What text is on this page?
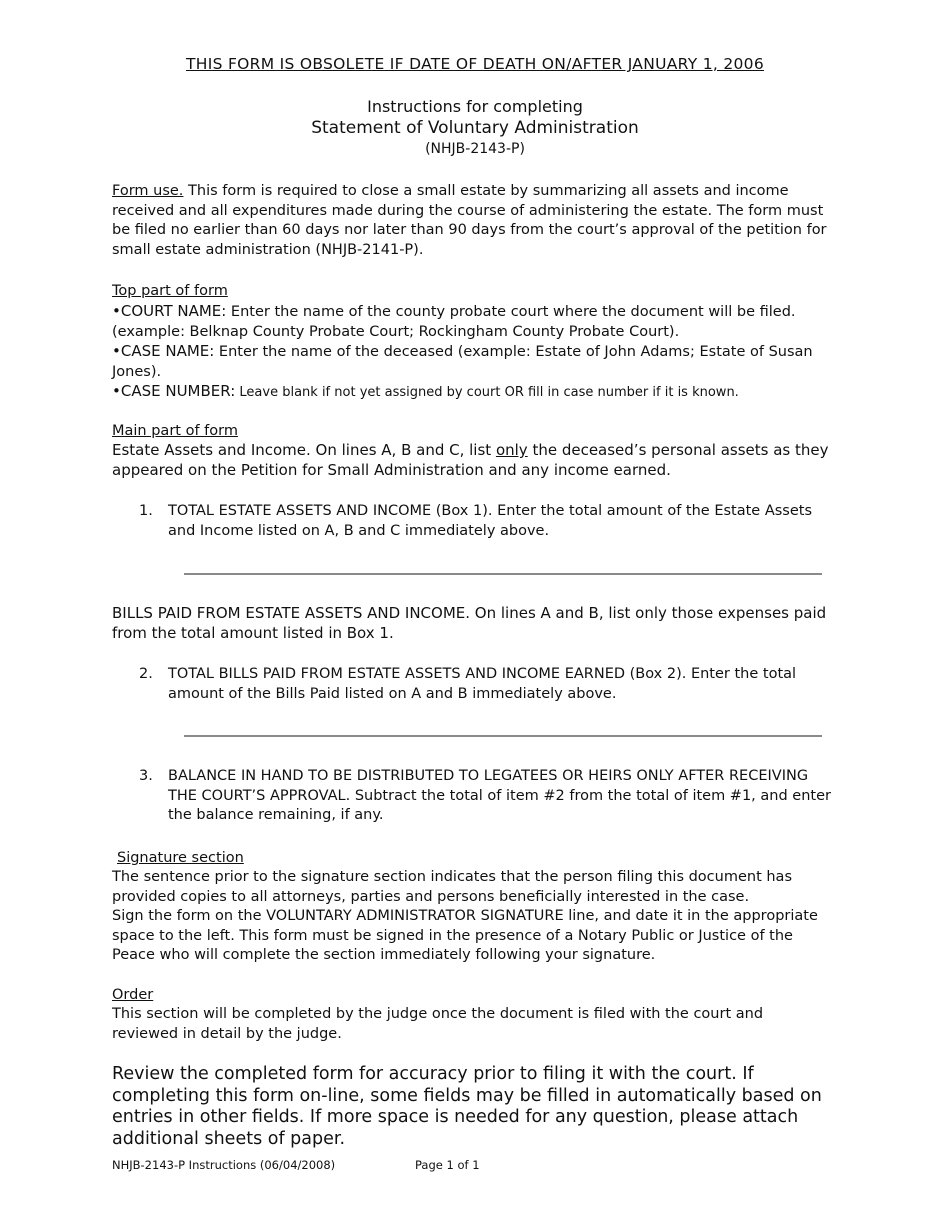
THIS FORM IS OBSOLETE IF DATE OF DEATH ON/AFTER JANUARY 1, 2006
Instructions for completing
Statement of Voluntary Administration
(NHJB-2143-P)
Form use. This form is required to close a small estate by summarizing all assets and income received and all expenditures made during the course of administering the estate. The form must be filed no earlier than 60 days nor later than 90 days from the court’s approval of the petition for small estate administration (NHJB-2141-P).
Top part of form
•COURT NAME: Enter the name of the county probate court where the document will be filed. (example: Belknap County Probate Court; Rockingham County Probate Court).
•CASE NAME: Enter the name of the deceased (example: Estate of John Adams; Estate of Susan Jones).
•CASE NUMBER: Leave blank if not yet assigned by court OR fill in case number if it is known.
Main part of form
Estate Assets and Income. On lines A, B and C, list only the deceased’s personal assets as they appeared on the Petition for Small Administration and any income earned.
1. TOTAL ESTATE ASSETS AND INCOME (Box 1). Enter the total amount of the Estate Assets and Income listed on A, B and C immediately above.
BILLS PAID FROM ESTATE ASSETS AND INCOME. On lines A and B, list only those expenses paid from the total amount listed in Box 1.
2. TOTAL BILLS PAID FROM ESTATE ASSETS AND INCOME EARNED (Box 2). Enter the total amount of the Bills Paid listed on A and B immediately above.
3. BALANCE IN HAND TO BE DISTRIBUTED TO LEGATEES OR HEIRS ONLY AFTER RECEIVING THE COURT’S APPROVAL. Subtract the total of item #2 from the total of item #1, and enter the balance remaining, if any.
Signature section
The sentence prior to the signature section indicates that the person filing this document has provided copies to all attorneys, parties and persons beneficially interested in the case.
Sign the form on the VOLUNTARY ADMINISTRATOR SIGNATURE line, and date it in the appropriate space to the left. This form must be signed in the presence of a Notary Public or Justice of the Peace who will complete the section immediately following your signature.
Order
This section will be completed by the judge once the document is filed with the court and reviewed in detail by the judge.
Review the completed form for accuracy prior to filing it with the court. If completing this form on-line, some fields may be filled in automatically based on entries in other fields. If more space is needed for any question, please attach additional sheets of paper.
NHJB-2143-P Instructions (06/04/2008)	Page 1 of 1
